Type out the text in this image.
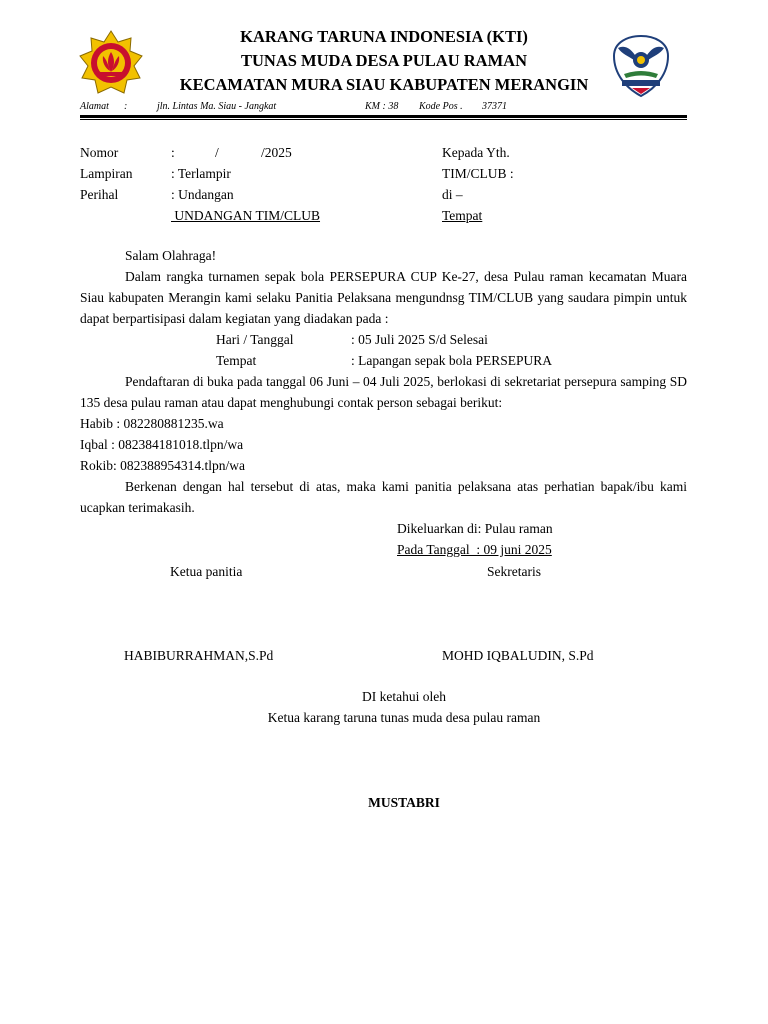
KARANG TARUNA INDONESIA (KTI)
TUNAS MUDA DESA PULAU RAMAN
KECAMATAN MURA SIAU KABUPATEN MERANGIN
Alamat :	jln. Lintas Ma. Siau - Jangkat	KM : 38 Kode Pos . 37371
Nomor	:	/	/2025
Lampiran	: Terlampir
Perihal	: Undangan
UNDANGAN TIM/CLUB
Kepada Yth.
TIM/CLUB :
di –
Tempat
Salam Olahraga!
Dalam rangka turnamen sepak bola PERSEPURA CUP Ke-27, desa Pulau raman kecamatan Muara Siau kabupaten Merangin kami selaku Panitia Pelaksana mengundnsg TIM/CLUB yang saudara pimpin untuk dapat berpartisipasi dalam kegiatan yang diadakan pada :
Hari / Tanggal	: 05 Juli 2025 S/d Selesai
Tempat	: Lapangan sepak bola PERSEPURA
Pendaftaran di buka pada tanggal 06 Juni – 04 Juli 2025, berlokasi di sekretariat persepura samping SD 135 desa pulau raman atau dapat menghubungi contak person sebagai berikut:
Habib : 082280881235.wa
Iqbal : 082384181018.tlpn/wa
Rokib: 082388954314.tlpn/wa
Berkenan dengan hal tersebut di atas, maka kami panitia pelaksana atas perhatian bapak/ibu kami ucapkan terimakasih.
Dikeluarkan di: Pulau raman
Pada Tanggal  : 09 juni 2025
Ketua panitia	Sekretaris
HABIBURRAHMAN,S.Pd	MOHD IQBALUDIN, S.Pd
DI ketahui oleh
Ketua karang taruna tunas muda desa pulau raman
MUSTABRI
